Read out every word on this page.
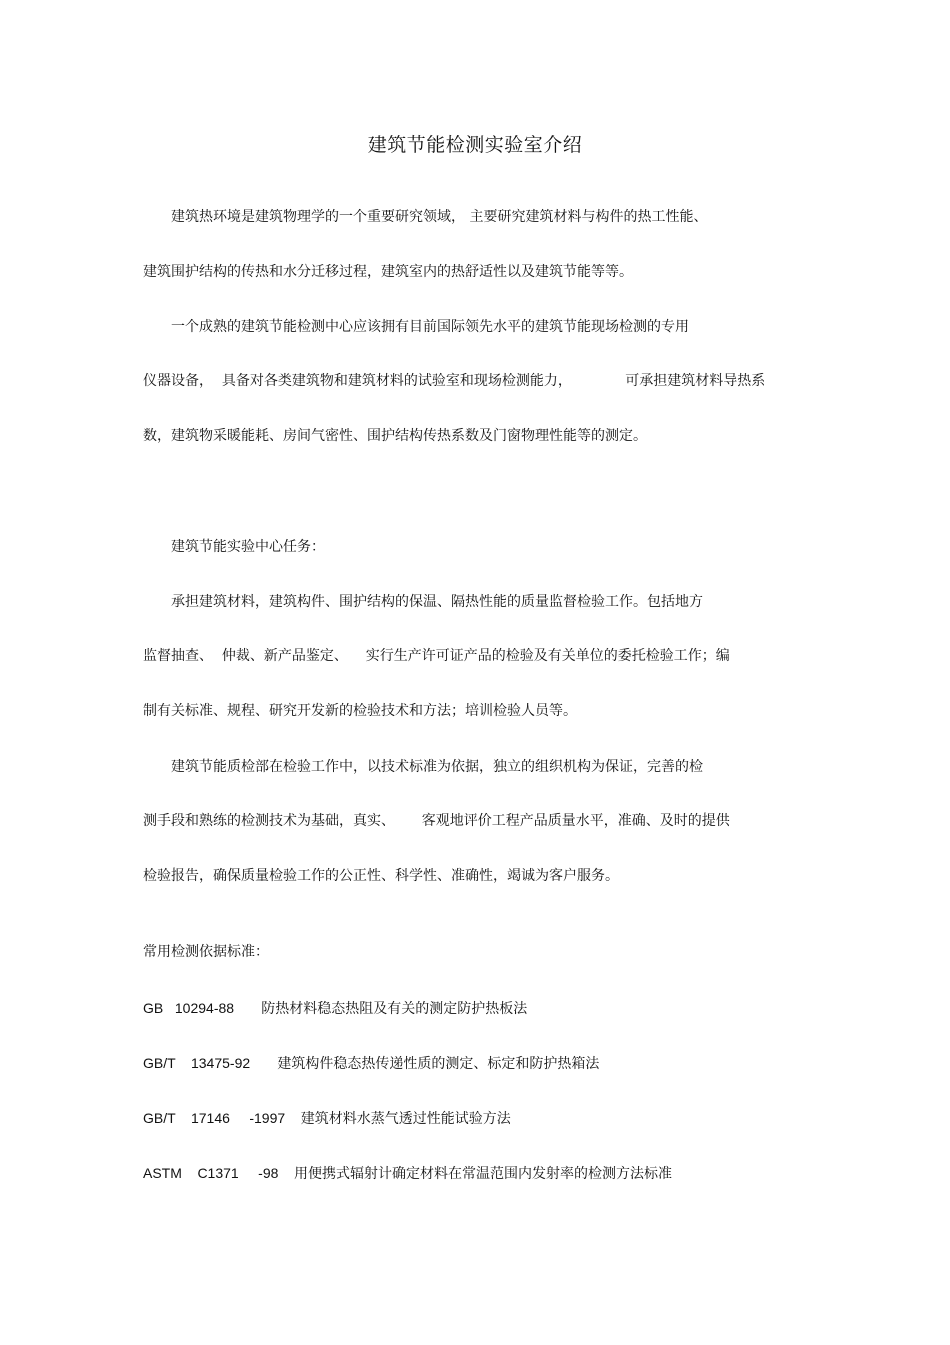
建筑节能检测实验室介绍

建筑热环境是建筑物理学的一个重要研究领域， 主要研究建筑材料与构件的热工性能、

建筑围护结构的传热和水分迁移过程，建筑室内的热舒适性以及建筑节能等等。

一个成熟的建筑节能检测中心应该拥有目前国际领先水平的建筑节能现场检测的专用

仪器设备，  具备对各类建筑物和建筑材料的试验室和现场检测能力，            可承担建筑材料导热系

数，建筑物采暖能耗、房间气密性、围护结构传热系数及门窗物理性能等的测定。

建筑节能实验中心任务：

承担建筑材料，建筑构件、围护结构的保温、隔热性能的质量监督检验工作。包括地方

监督抽查、  仲裁、新产品鉴定、    实行生产许可证产品的检验及有关单位的委托检验工作；编

制有关标准、规程、研究开发新的检验技术和方法；培训检验人员等。

建筑节能质检部在检验工作中，以技术标准为依据，独立的组织机构为保证，完善的检

测手段和熟练的检测技术为基础，真实、      客观地评价工程产品质量水平，准确、及时的提供

检验报告，确保质量检验工作的公正性、科学性、准确性，竭诚为客户服务。

常用检测依据标准：

GB   10294-88       防热材料稳态热阻及有关的测定防护热板法

GB/T    13475-92       建筑构件稳态热传递性质的测定、标定和防护热箱法

GB/T    17146     -1997    建筑材料水蒸气透过性能试验方法

ASTM    C1371     -98    用便携式辐射计确定材料在常温范围内发射率的检测方法标准
